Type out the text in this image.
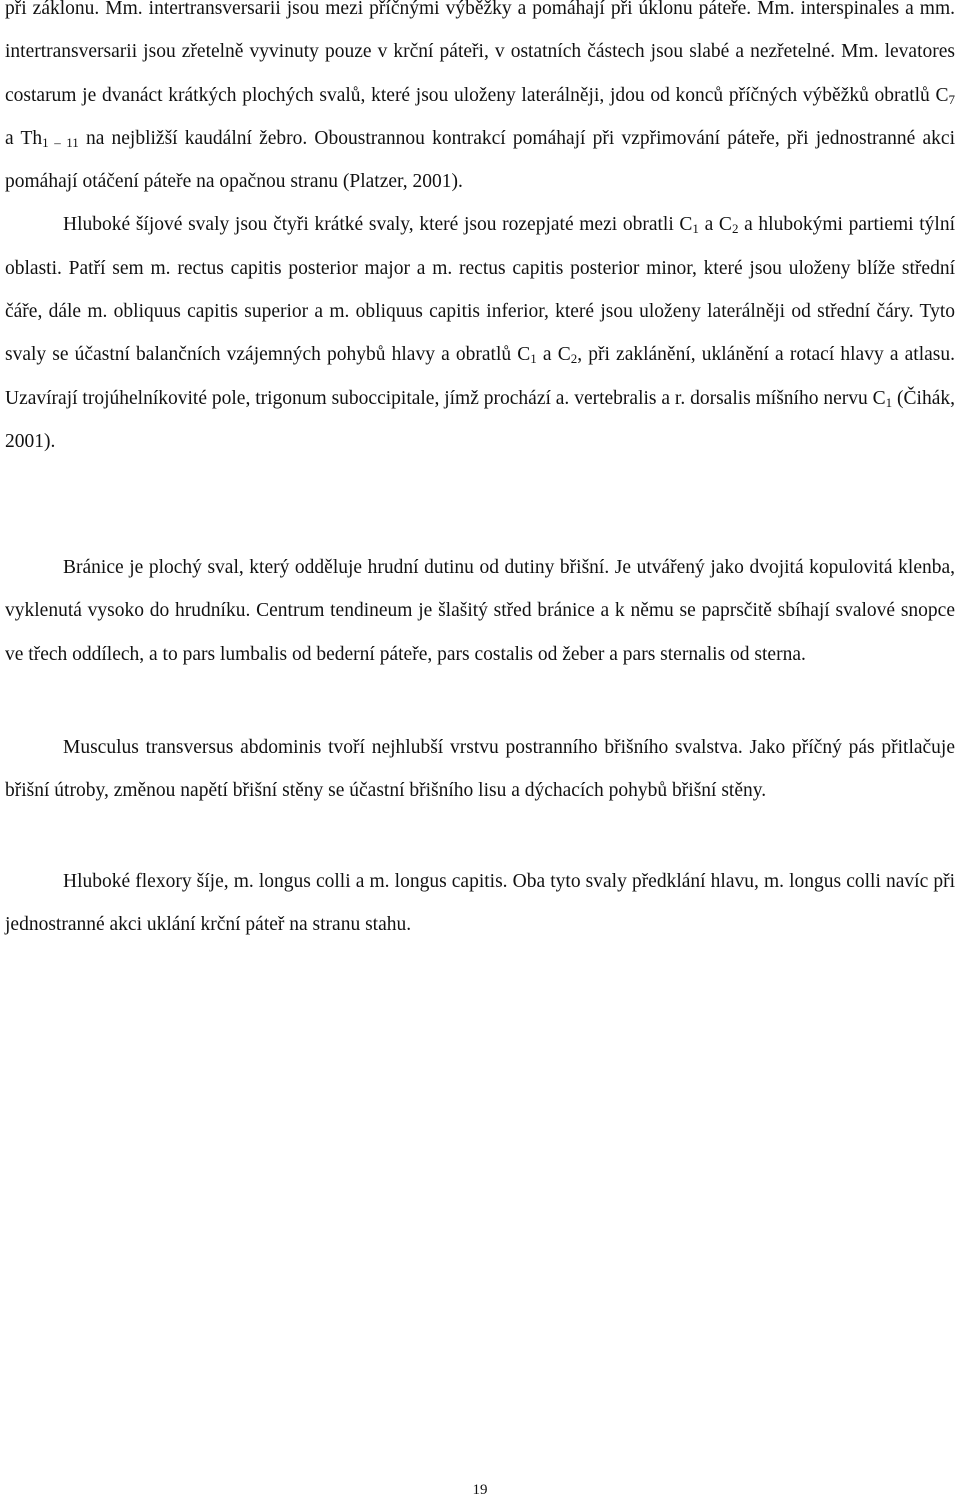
při záklonu. Mm. intertransversarii jsou mezi příčnými výběžky a pomáhají při úklonu páteře. Mm. interspinales a mm. intertransversarii jsou zřetelně vyvinuty pouze v krční páteři, v ostatních částech jsou slabé a nezřetelné. Mm. levatores costarum je dvanáct krátkých plochých svalů, které jsou uloženy laterálněji, jdou od konců příčných výběžků obratlů $C_7$ a $Th_{1 - 11}$ na nejbližší kaudální žebro. Oboustrannou kontrakcí pomáhají při vzpřimování páteře, při jednostranné akci pomáhají otáčení páteře na opačnou stranu (Platzer, 2001).

Hluboké šíjové svaly jsou čtyři krátké svaly, které jsou rozepjaté mezi obratli $C_1$ a $C_2$ a hlubokými partiemi týlní oblasti. Patří sem m. rectus capitis posterior major a m. rectus capitis posterior minor, které jsou uloženy blíže střední čáře, dále m. obliquus capitis superior a m. obliquus capitis inferior, které jsou uloženy laterálněji od střední čáry. Tyto svaly se účastní balančních vzájemných pohybů hlavy a obratlů $C_1$ a $C_2$, při zaklánění, uklánění a rotací hlavy a atlasu. Uzavírají trojúhelníkovité pole, trigonum suboccipitale, jímž prochází a. vertebralis a r. dorsalis míšního nervu $C_1$ (Čihák, 2001).

Bránice je plochý sval, který odděluje hrudní dutinu od dutiny břišní. Je utvářený jako dvojitá kopulovitá klenba, vyklenutá vysoko do hrudníku. Centrum tendineum je šlašitý střed bránice a k němu se paprsčitě sbíhají svalové snopce ve třech oddílech, a to pars lumbalis od bederní páteře, pars costalis od žeber a pars sternalis od sterna.

Musculus transversus abdominis tvoří nejhlubší vrstvu postranního břišního svalstva. Jako příčný pás přitlačuje břišní útroby, změnou napětí břišní stěny se účastní břišního lisu a dýchacích pohybů břišní stěny.

Hluboké flexory šíje, m. longus colli a m. longus capitis. Oba tyto svaly předklání hlavu, m. longus colli navíc při jednostranné akci uklání krční páteř na stranu stahu.

19
